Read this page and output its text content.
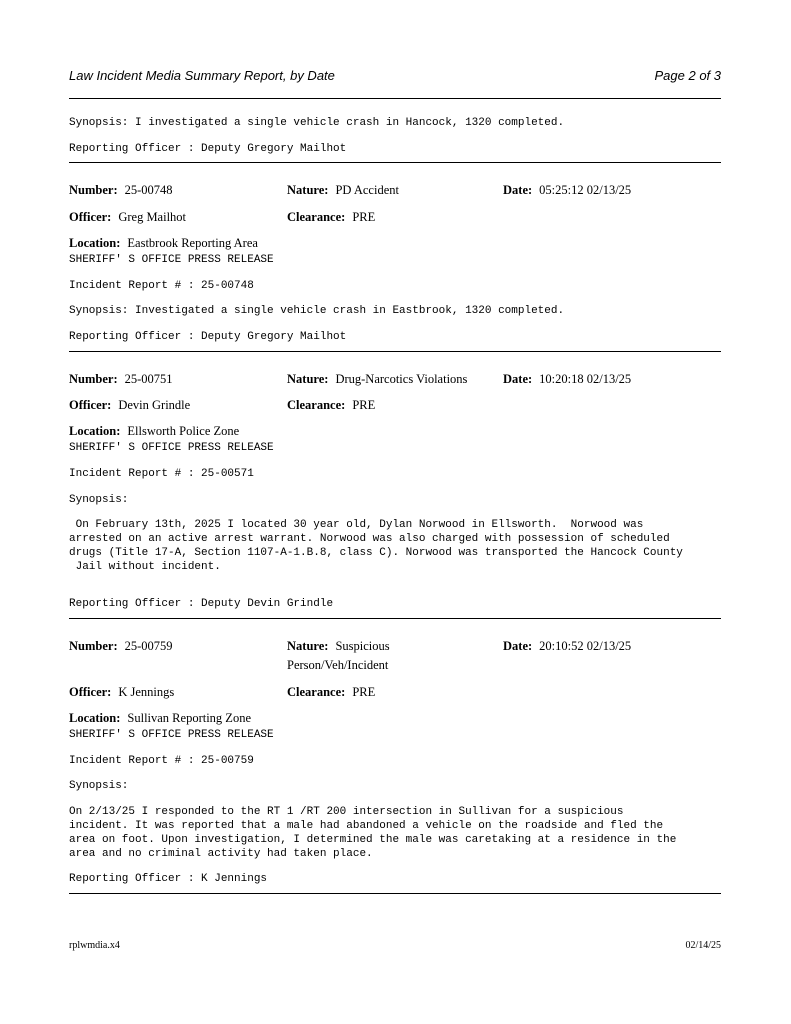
Law Incident Media Summary Report, by Date	Page 2 of 3
Synopsis: I investigated a single vehicle crash in Hancock, 1320 completed.
Reporting Officer : Deputy Gregory Mailhot
Number: 25-00748	Nature: PD Accident	Date: 05:25:12 02/13/25
Officer: Greg Mailhot	Clearance: PRE
Location: Eastbrook Reporting Area
SHERIFF' S OFFICE PRESS RELEASE
Incident Report # : 25-00748
Synopsis: Investigated a single vehicle crash in Eastbrook, 1320 completed.
Reporting Officer : Deputy Gregory Mailhot
Number: 25-00751	Nature: Drug-Narcotics Violations	Date: 10:20:18 02/13/25
Officer: Devin Grindle	Clearance: PRE
Location: Ellsworth Police Zone
SHERIFF' S OFFICE PRESS RELEASE
Incident Report # : 25-00571
Synopsis:
On February 13th, 2025 I located 30 year old, Dylan Norwood in Ellsworth.  Norwood was
arrested on an active arrest warrant. Norwood was also charged with possession of scheduled
drugs (Title 17-A, Section 1107-A-1.B.8, class C). Norwood was transported the Hancock County
Jail without incident.
Reporting Officer : Deputy Devin Grindle
Number: 25-00759	Nature: Suspicious
Person/Veh/Incident
Date: 20:10:52 02/13/25
Officer: K Jennings	Clearance: PRE
Location: Sullivan Reporting Zone
SHERIFF' S OFFICE PRESS RELEASE
Incident Report # : 25-00759
Synopsis:
On 2/13/25 I responded to the RT 1 /RT 200 intersection in Sullivan for a suspicious
incident. It was reported that a male had abandoned a vehicle on the roadside and fled the
area on foot. Upon investigation, I determined the male was caretaking at a residence in the
area and no criminal activity had taken place.
Reporting Officer : K Jennings
rplwmdia.x4	02/14/25
